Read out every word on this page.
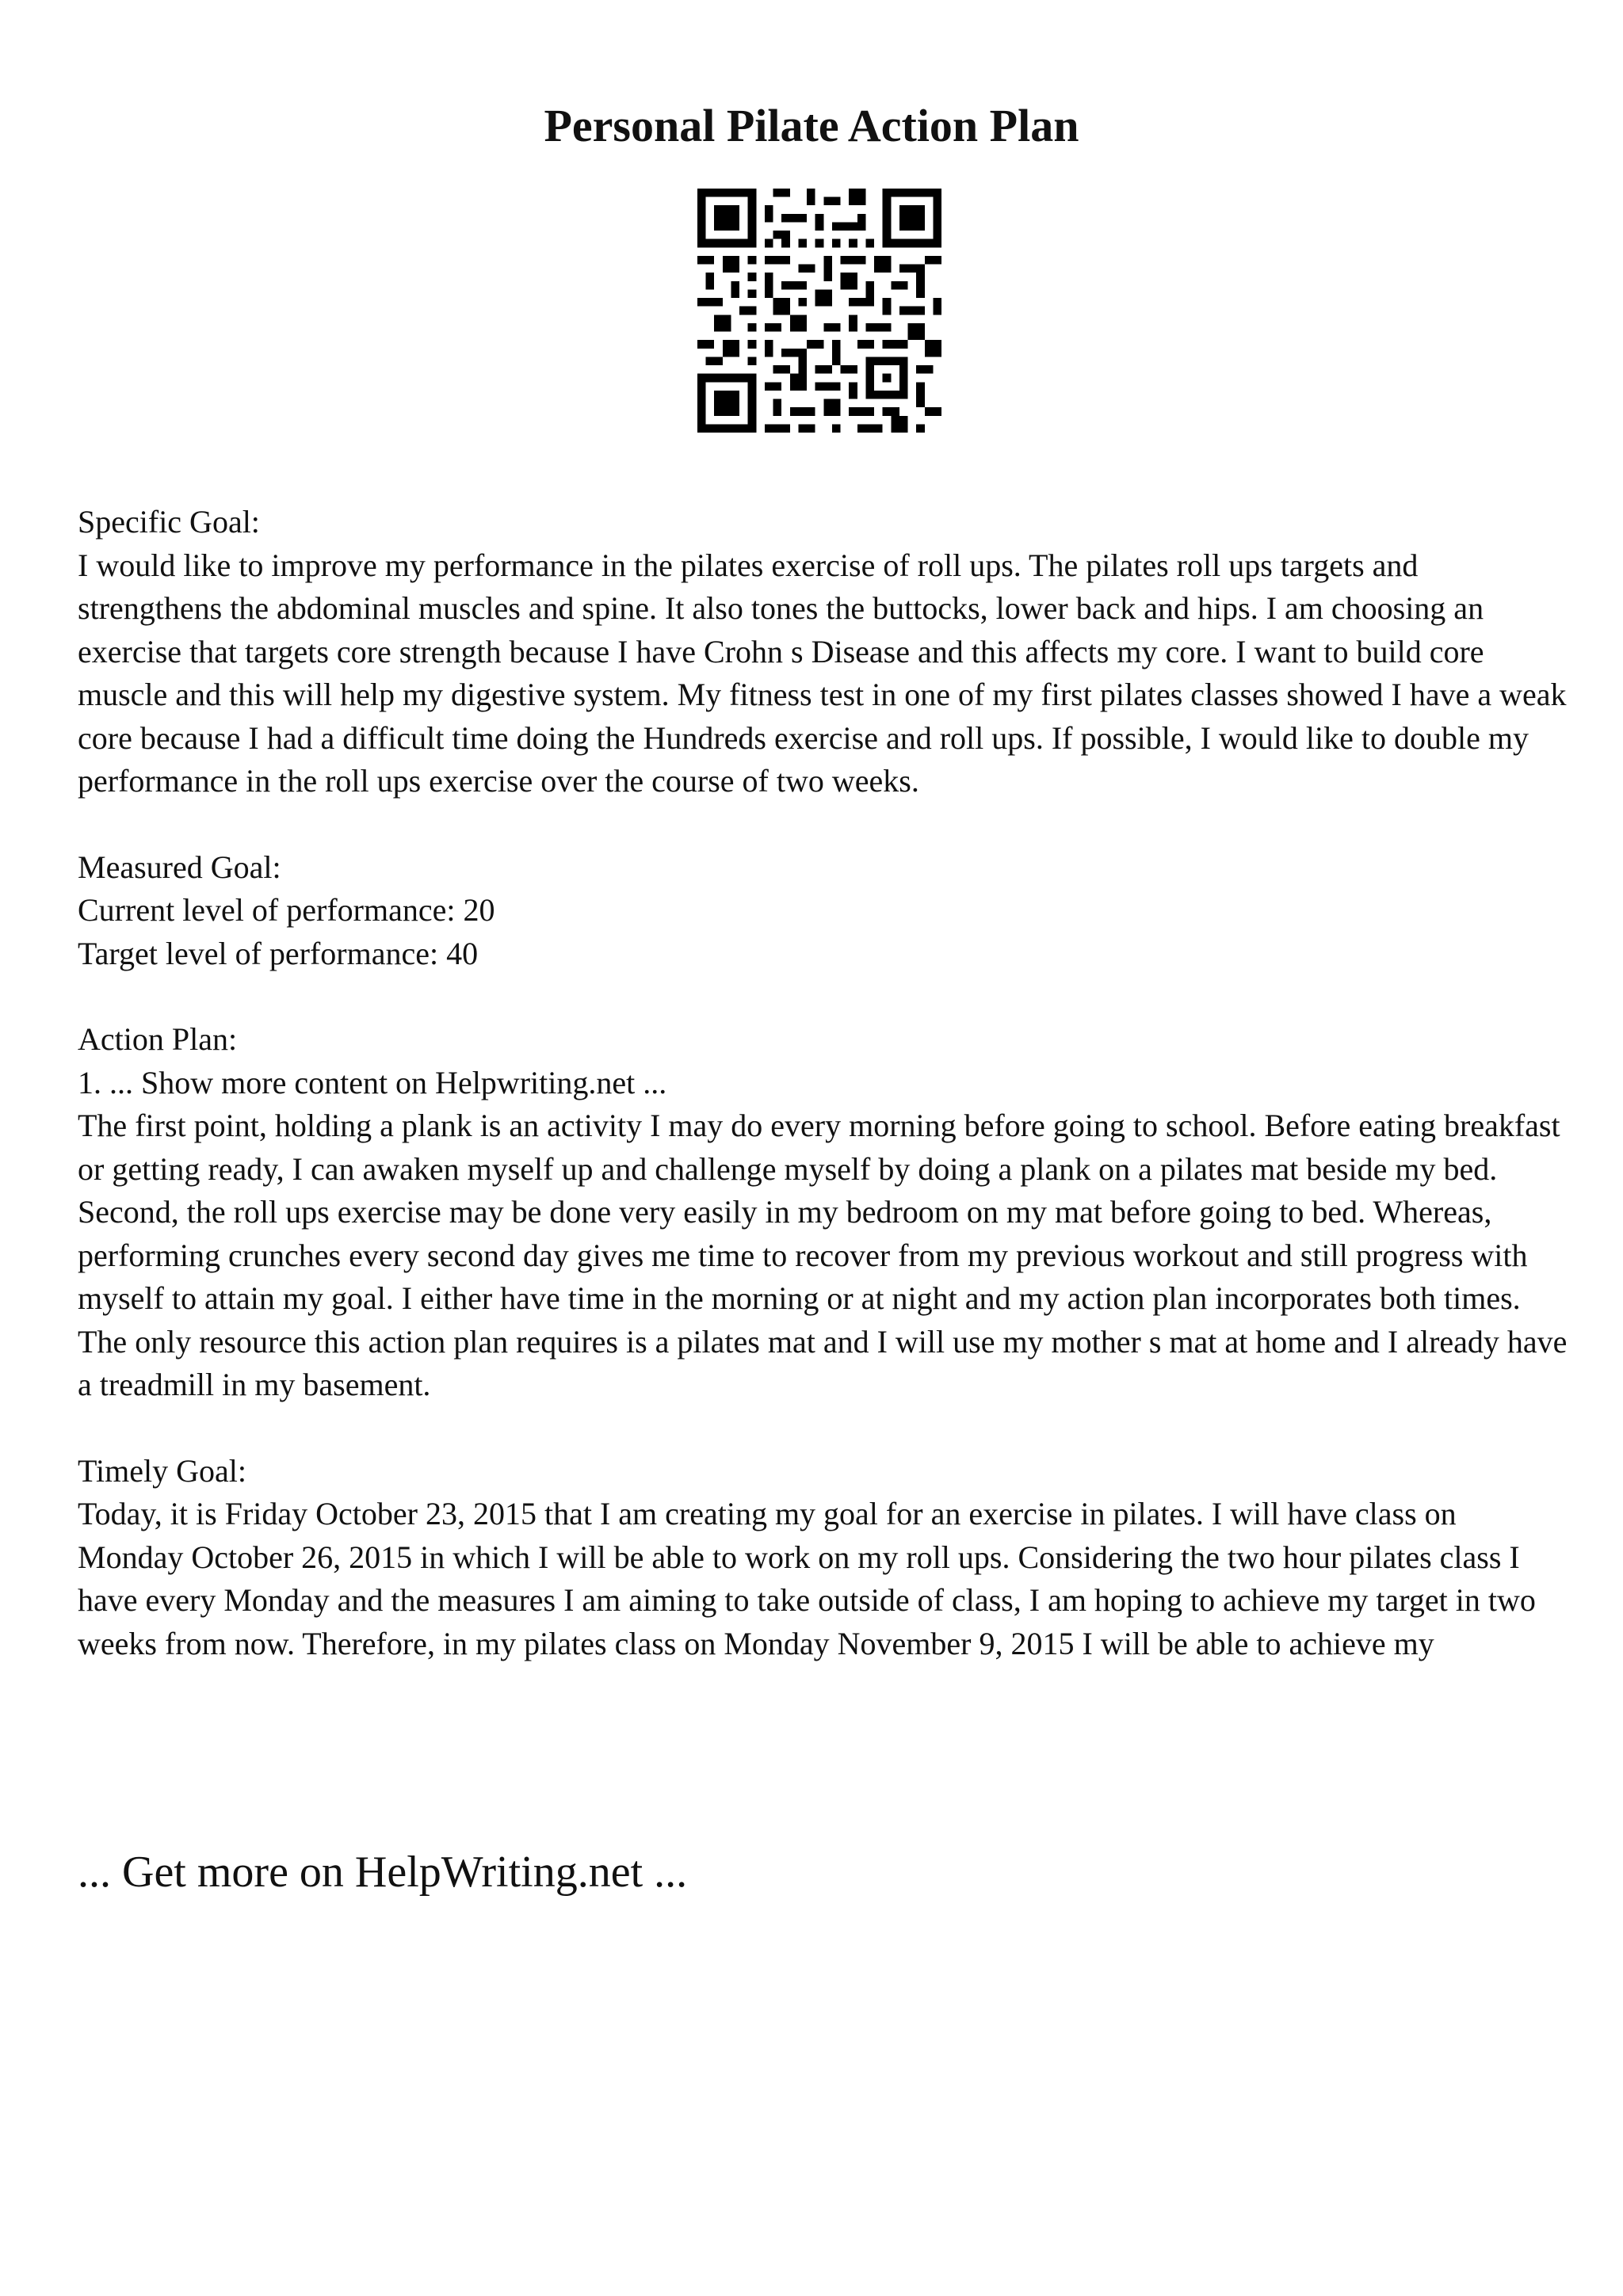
Personal Pilate Action Plan

Specific Goal:

I would like to improve my performance in the pilates exercise of roll ups. The pilates roll ups targets and strengthens the abdominal muscles and spine. It also tones the buttocks, lower back and hips. I am choosing an exercise that targets core strength because I have Crohn s Disease and this affects my core. I want to build core muscle and this will help my digestive system. My fitness test in one of my first pilates classes showed I have a weak core because I had a difficult time doing the Hundreds exercise and roll ups. If possible, I would like to double my performance in the roll ups exercise over the course of two weeks.

Measured Goal:

Current level of performance: 20

Target level of performance: 40

Action Plan:

1. ... Show more content on Helpwriting.net ...

The first point, holding a plank is an activity I may do every morning before going to school. Before eating breakfast or getting ready, I can awaken myself up and challenge myself by doing a plank on a pilates mat beside my bed. Second, the roll ups exercise may be done very easily in my bedroom on my mat before going to bed. Whereas, performing crunches every second day gives me time to recover from my previous workout and still progress with myself to attain my goal. I either have time in the morning or at night and my action plan incorporates both times. The only resource this action plan requires is a pilates mat and I will use my mother s mat at home and I already have a treadmill in my basement.

Timely Goal:

Today, it is Friday October 23, 2015 that I am creating my goal for an exercise in pilates. I will have class on Monday October 26, 2015 in which I will be able to work on my roll ups. Considering the two hour pilates class I have every Monday and the measures I am aiming to take outside of class, I am hoping to achieve my target in two weeks from now. Therefore, in my pilates class on Monday November 9, 2015 I will be able to achieve my

... Get more on HelpWriting.net ...
